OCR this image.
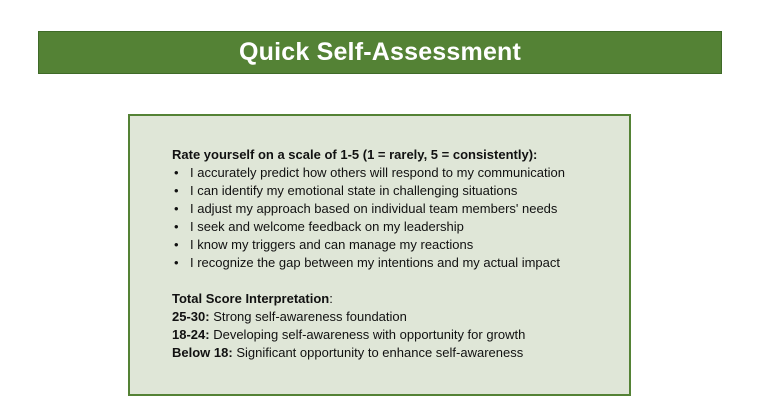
Quick Self-Assessment
Rate yourself on a scale of 1-5 (1 = rarely, 5 = consistently):
• I accurately predict how others will respond to my communication
• I can identify my emotional state in challenging situations
• I adjust my approach based on individual team members' needs
• I seek and welcome feedback on my leadership
• I know my triggers and can manage my reactions
• I recognize the gap between my intentions and my actual impact
Total Score Interpretation:
25-30: Strong self-awareness foundation
18-24: Developing self-awareness with opportunity for growth
Below 18: Significant opportunity to enhance self-awareness
